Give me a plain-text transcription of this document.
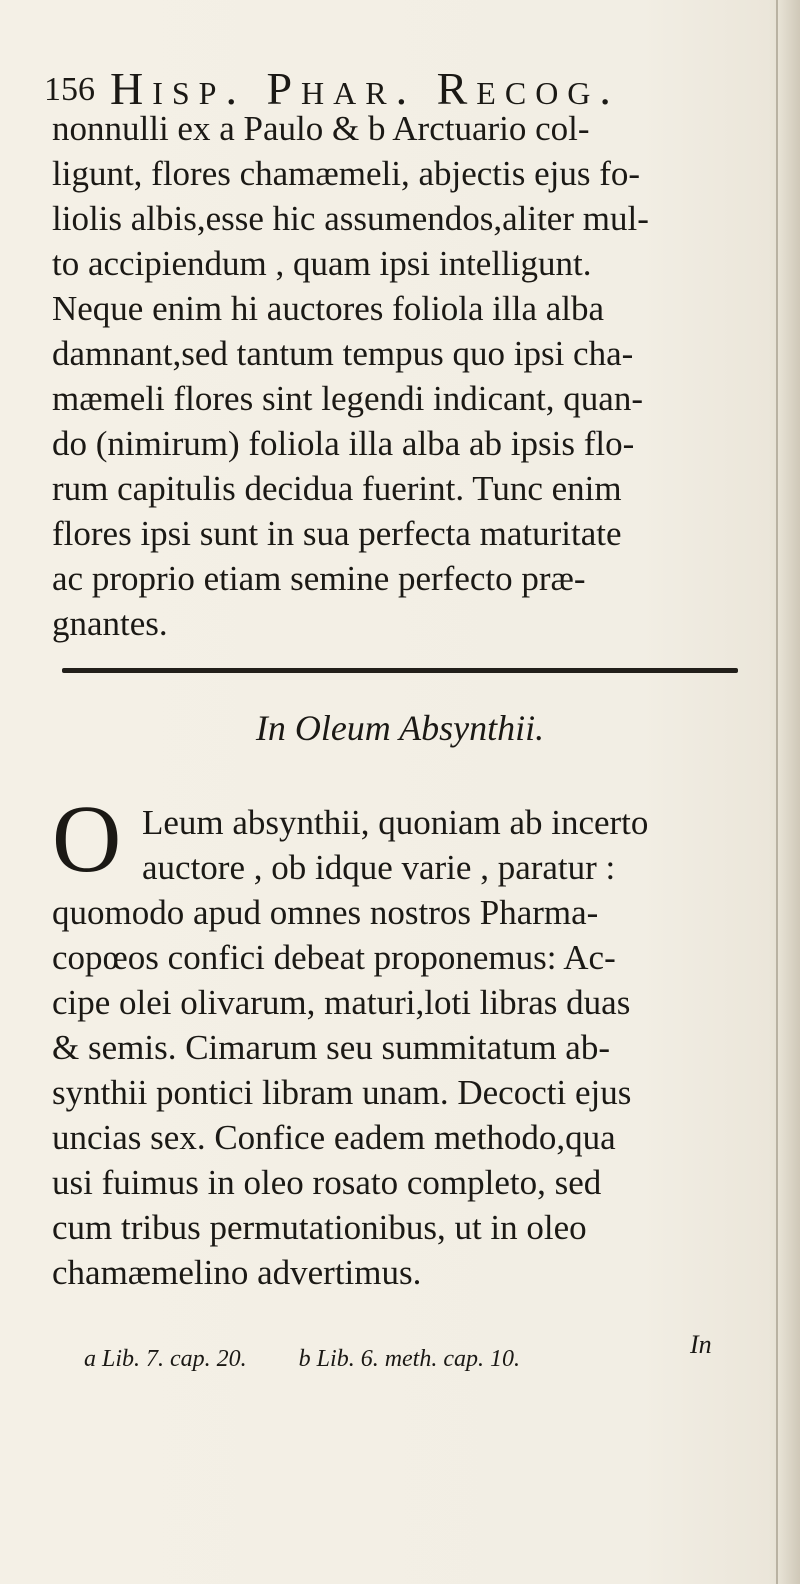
156 Hisp. Phar. Recog.
nonnulli ex a Paulo & b Arctuario col-
ligunt, flores chamæmeli, abjectis ejus fo-
liolis albis,esse hic assumendos,aliter mul-
to accipiendum , quam ipsi intelligunt.
Neque enim hi auctores foliola illa alba
damnant,sed tantum tempus quo ipsi cha-
mæmeli flores sint legendi indicant, quan-
do (nimirum) foliola illa alba ab ipsis flo-
rum capitulis decidua fuerint. Tunc enim
flores ipsi sunt in sua perfecta maturitate
ac proprio etiam semine perfecto præ-
gnantes.
In Oleum Absynthii.
O Leum absynthii, quoniam ab incerto
auctore , ob idque varie , paratur :
quomodo apud omnes nostros Pharma-
copœos confici debeat proponemus: Ac-
cipe olei olivarum, maturi,loti libras duas
& semis. Cimarum seu summitatum ab-
synthii pontici libram unam. Decocti ejus
uncias sex. Confice eadem methodo,qua
usi fuimus in oleo rosato completo, sed
cum tribus permutationibus, ut in oleo
chamæmelino advertimus.
In
a Lib. 7. cap. 20. b Lib. 6. meth. cap. 10.
